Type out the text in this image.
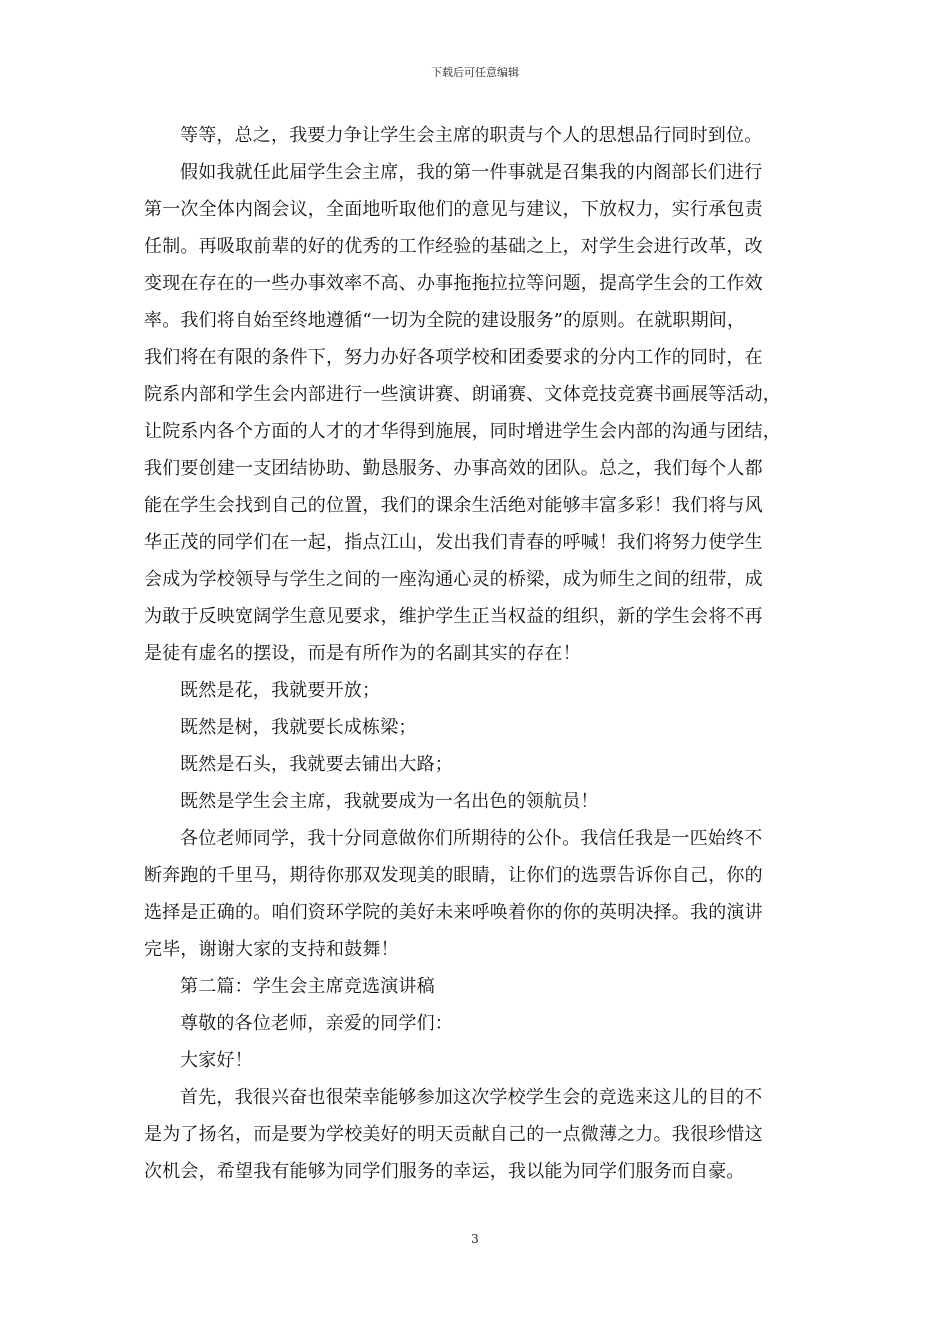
下载后可任意编辑

等等，总之，我要力争让学生会主席的职责与个人的思想品行同时到位。

假如我就任此届学生会主席，我的第一件事就是召集我的内阁部长们进行
第一次全体内阁会议，全面地听取他们的意见与建议，下放权力，实行承包责
任制。再吸取前辈的好的优秀的工作经验的基础之上，对学生会进行改革，改
变现在存在的一些办事效率不高、办事拖拖拉拉等问题，提高学生会的工作效
率。我们将自始至终地遵循“一切为全院的建设服务”的原则。在就职期间，
我们将在有限的条件下，努力办好各项学校和团委要求的分内工作的同时，在
院系内部和学生会内部进行一些演讲赛、朗诵赛、文体竞技竞赛书画展等活动，
让院系内各个方面的人才的才华得到施展，同时增进学生会内部的沟通与团结，
我们要创建一支团结协助、勤恳服务、办事高效的团队。总之，我们每个人都
能在学生会找到自己的位置，我们的课余生活绝对能够丰富多彩！我们将与风
华正茂的同学们在一起，指点江山，发出我们青春的呼喊！我们将努力使学生
会成为学校领导与学生之间的一座沟通心灵的桥梁，成为师生之间的纽带，成
为敢于反映宽阔学生意见要求，维护学生正当权益的组织，新的学生会将不再
是徒有虚名的摆设，而是有所作为的名副其实的存在！

既然是花，我就要开放；

既然是树，我就要长成栋梁；

既然是石头，我就要去铺出大路；

既然是学生会主席，我就要成为一名出色的领航员！

各位老师同学，我十分同意做你们所期待的公仆。我信任我是一匹始终不
断奔跑的千里马，期待你那双发现美的眼睛，让你们的选票告诉你自己，你的
选择是正确的。咱们资环学院的美好未来呼唤着你的你的英明决择。我的演讲
完毕，谢谢大家的支持和鼓舞！

第二篇：学生会主席竞选演讲稿

尊敬的各位老师，亲爱的同学们：

大家好！

首先，我很兴奋也很荣幸能够参加这次学校学生会的竞选来这儿的目的不
是为了扬名，而是要为学校美好的明天贡献自己的一点微薄之力。我很珍惜这
次机会，希望我有能够为同学们服务的幸运，我以能为同学们服务而自豪。

3
